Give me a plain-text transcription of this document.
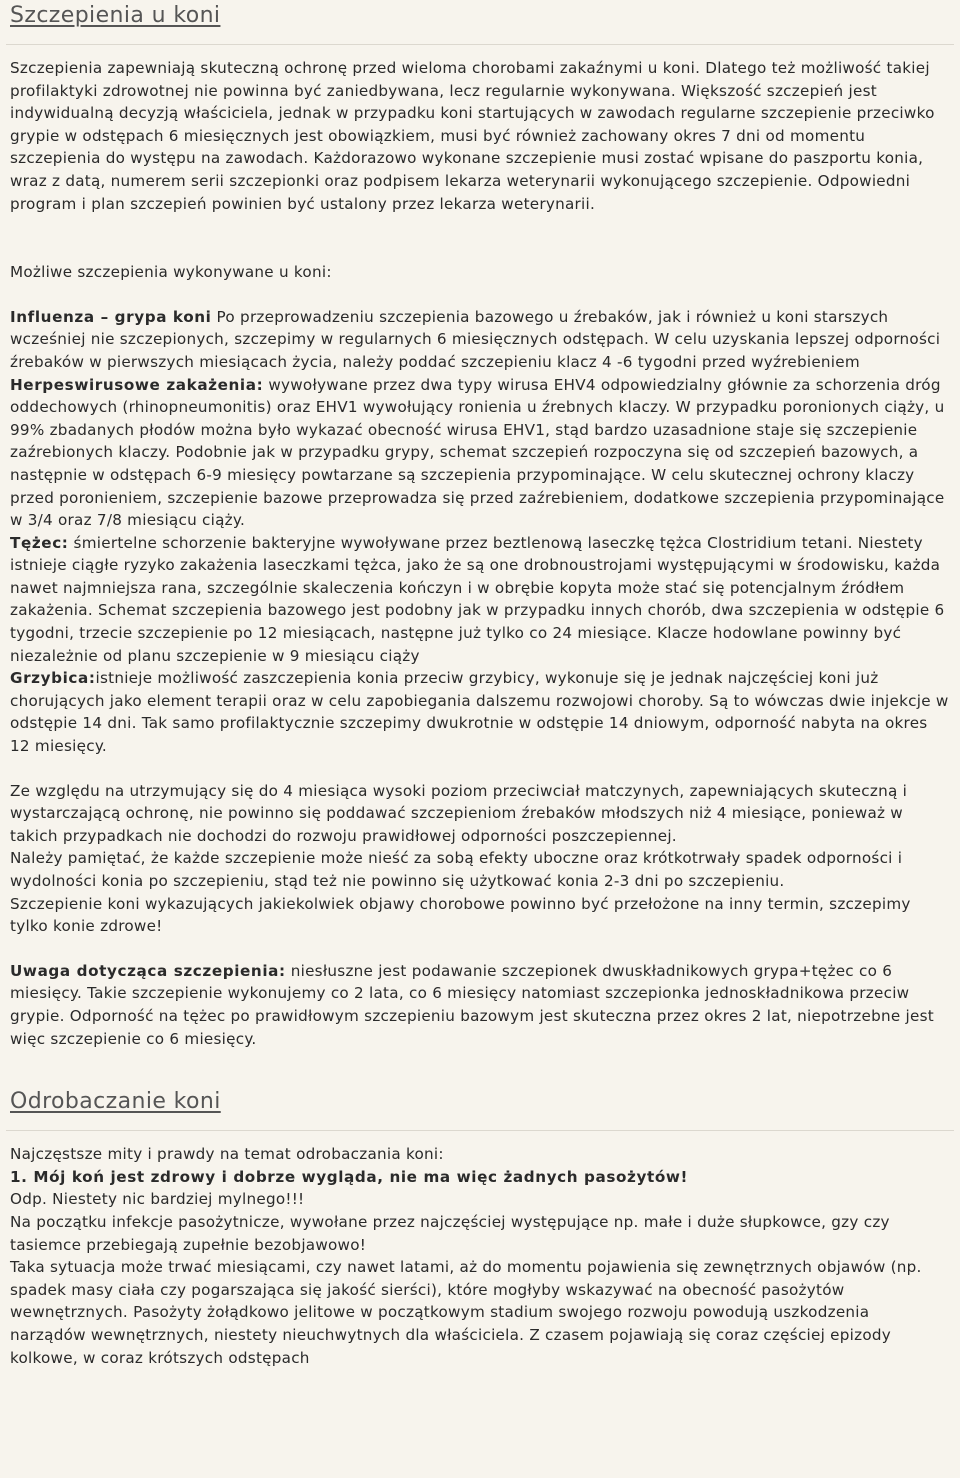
Szczepienia u koni

Szczepienia zapewniają skuteczną ochronę przed wieloma chorobami zakaźnymi u koni. Dlatego też możliwość takiej profilaktyki zdrowotnej nie powinna być zaniedbywana, lecz regularnie wykonywana. Większość szczepień jest indywidualną decyzją właściciela, jednak w przypadku koni startujących w zawodach regularne szczepienie przeciwko grypie w odstępach 6 miesięcznych jest obowiązkiem, musi być również zachowany okres 7 dni od momentu szczepienia do występu na zawodach. Każdorazowo wykonane szczepienie musi zostać wpisane do paszportu konia, wraz z datą, numerem serii szczepionki oraz podpisem lekarza weterynarii wykonującego szczepienie. Odpowiedni program i plan szczepień powinien być ustalony przez lekarza weterynarii.

Możliwe szczepienia wykonywane u koni:

Influenza – grypa koni Po przeprowadzeniu szczepienia bazowego u źrebaków, jak i również u koni starszych wcześniej nie szczepionych, szczepimy w regularnych 6 miesięcznych odstępach. W celu uzyskania lepszej odporności źrebaków w pierwszych miesiącach życia, należy poddać szczepieniu klacz 4 -6 tygodni przed wyźrebieniem

Herpeswirusowe zakażenia: wywoływane przez dwa typy wirusa EHV4 odpowiedzialny głównie za schorzenia dróg oddechowych (rhinopneumonitis) oraz EHV1 wywołujący ronienia u źrebnych klaczy. W przypadku poronionych ciąży, u 99% zbadanych płodów można było wykazać obecność wirusa EHV1, stąd bardzo uzasadnione staje się szczepienie zaźrebionych klaczy. Podobnie jak w przypadku grypy, schemat szczepień rozpoczyna się od szczepień bazowych, a następnie w odstępach 6-9 miesięcy powtarzane są szczepienia przypominające. W celu skutecznej ochrony klaczy przed poronieniem, szczepienie bazowe przeprowadza się przed zaźrebieniem, dodatkowe szczepienia przypominające w 3/4 oraz 7/8 miesiącu ciąży.

Tężec: śmiertelne schorzenie bakteryjne wywoływane przez beztlenową laseczkę tężca Clostridium tetani. Niestety istnieje ciągłe ryzyko zakażenia laseczkami tężca, jako że są one drobnoustrojami występującymi w środowisku, każda nawet najmniejsza rana, szczególnie skaleczenia kończyn i w obrębie kopyta może stać się potencjalnym źródłem zakażenia. Schemat szczepienia bazowego jest podobny jak w przypadku innych chorób, dwa szczepienia w odstępie 6 tygodni, trzecie szczepienie po 12 miesiącach, następne już tylko co 24 miesiące. Klacze hodowlane powinny być niezależnie od planu szczepienie w 9 miesiącu ciąży

Grzybica:istnieje możliwość zaszczepienia konia przeciw grzybicy, wykonuje się je jednak najczęściej koni już chorujących jako element terapii oraz w celu zapobiegania dalszemu rozwojowi choroby. Są to wówczas dwie injekcje w odstępie 14 dni. Tak samo profilaktycznie szczepimy dwukrotnie w odstępie 14 dniowym, odporność nabyta na okres 12 miesięcy.

Ze względu na utrzymujący się do 4 miesiąca wysoki poziom przeciwciał matczynych, zapewniających skuteczną i wystarczającą ochronę, nie powinno się poddawać szczepieniom źrebaków młodszych niż 4 miesiące, ponieważ w takich przypadkach nie dochodzi do rozwoju prawidłowej odporności poszczepiennej.

Należy pamiętać, że każde szczepienie może nieść za sobą efekty uboczne oraz krótkotrwały spadek odporności i wydolności konia po szczepieniu, stąd też nie powinno się użytkować konia 2-3 dni po szczepieniu.

Szczepienie koni wykazujących jakiekolwiek objawy chorobowe powinno być przełożone na inny termin, szczepimy tylko konie zdrowe!

Uwaga dotycząca szczepienia: niesłuszne jest podawanie szczepionek dwuskładnikowych grypa+tężec co 6 miesięcy. Takie szczepienie wykonujemy co 2 lata, co 6 miesięcy natomiast szczepionka jednoskładnikowa przeciw grypie. Odporność na tężec po prawidłowym szczepieniu bazowym jest skuteczna przez okres 2 lat, niepotrzebne jest więc szczepienie co 6 miesięcy.

Odrobaczanie koni

Najczęstsze mity i prawdy na temat odrobaczania koni:

1. Mój koń jest zdrowy i dobrze wygląda, nie ma więc żadnych pasożytów!

Odp. Niestety nic bardziej mylnego!!!

Na początku infekcje pasożytnicze, wywołane przez najczęściej występujące np. małe i duże słupkowce, gzy czy tasiemce przebiegają zupełnie bezobjawowo!

Taka sytuacja może trwać miesiącami, czy nawet latami, aż do momentu pojawienia się zewnętrznych objawów (np. spadek masy ciała czy pogarszająca się jakość sierści), które mogłyby wskazywać na obecność pasożytów wewnętrznych. Pasożyty żołądkowo jelitowe w początkowym stadium swojego rozwoju powodują uszkodzenia narządów wewnętrznych, niestety nieuchwytnych dla właściciela. Z czasem pojawiają się coraz częściej epizody kolkowe, w coraz krótszych odstępach
